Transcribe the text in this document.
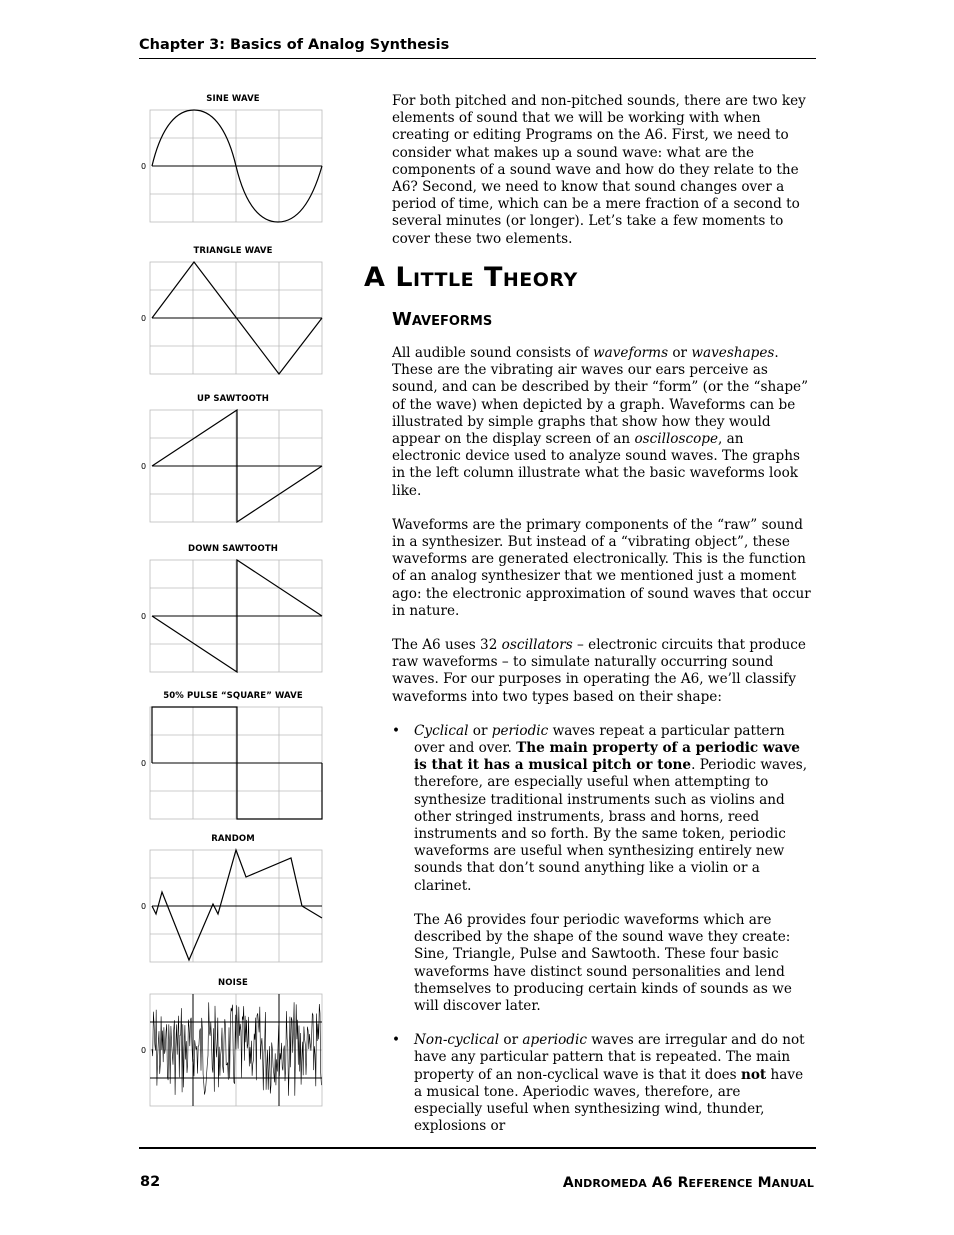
Chapter 3: Basics of Analog Synthesis
SINE WAVE
0
TRIANGLE WAVE
0
UP SAWTOOTH
0
DOWN SAWTOOTH
0
50% PULSE “SQUARE” WAVE
0
RANDOM
0
NOISE
0

For both pitched and non-pitched sounds, there are two key elements of sound that we will be working with when creating or editing Programs on the A6. First, we need to consider what makes up a sound wave: what are the components of a sound wave and how do they relate to the A6? Second, we need to know that sound changes over a period of time, which can be a mere fraction of a second to several minutes (or longer). Let’s take a few moments to cover these two elements.

A LITTLE THEORY
WAVEFORMS

All audible sound consists of waveforms or waveshapes. These are the vibrating air waves our ears perceive as sound, and can be described by their “form” (or the “shape” of the wave) when depicted by a graph. Waveforms can be illustrated by simple graphs that show how they would appear on the display screen of an oscilloscope, an electronic device used to analyze sound waves. The graphs in the left column illustrate what the basic waveforms look like.

Waveforms are the primary components of the “raw” sound in a synthesizer. But instead of a “vibrating object”, these waveforms are generated electronically. This is the function of an analog synthesizer that we mentioned just a moment ago: the electronic approximation of sound waves that occur in nature.

The A6 uses 32 oscillators – electronic circuits that produce raw waveforms – to simulate naturally occurring sound waves. For our purposes in operating the A6, we’ll classify waveforms into two types based on their shape:

• Cyclical or periodic waves repeat a particular pattern over and over. The main property of a periodic wave is that it has a musical pitch or tone. Periodic waves, therefore, are especially useful when attempting to synthesize traditional instruments such as violins and other stringed instruments, brass and horns, reed instruments and so forth. By the same token, periodic waveforms are useful when synthesizing entirely new sounds that don’t sound anything like a violin or a clarinet.
The A6 provides four periodic waveforms which are described by the shape of the sound wave they create: Sine, Triangle, Pulse and Sawtooth. These four basic waveforms have distinct sound personalities and lend themselves to producing certain kinds of sounds as we will discover later.
• Non-cyclical or aperiodic waves are irregular and do not have any particular pattern that is repeated. The main property of an non-cyclical wave is that it does not have a musical tone. Aperiodic waves, therefore, are especially useful when synthesizing wind, thunder, explosions or
82	ANDROMEDA A6 REFERENCE MANUAL
